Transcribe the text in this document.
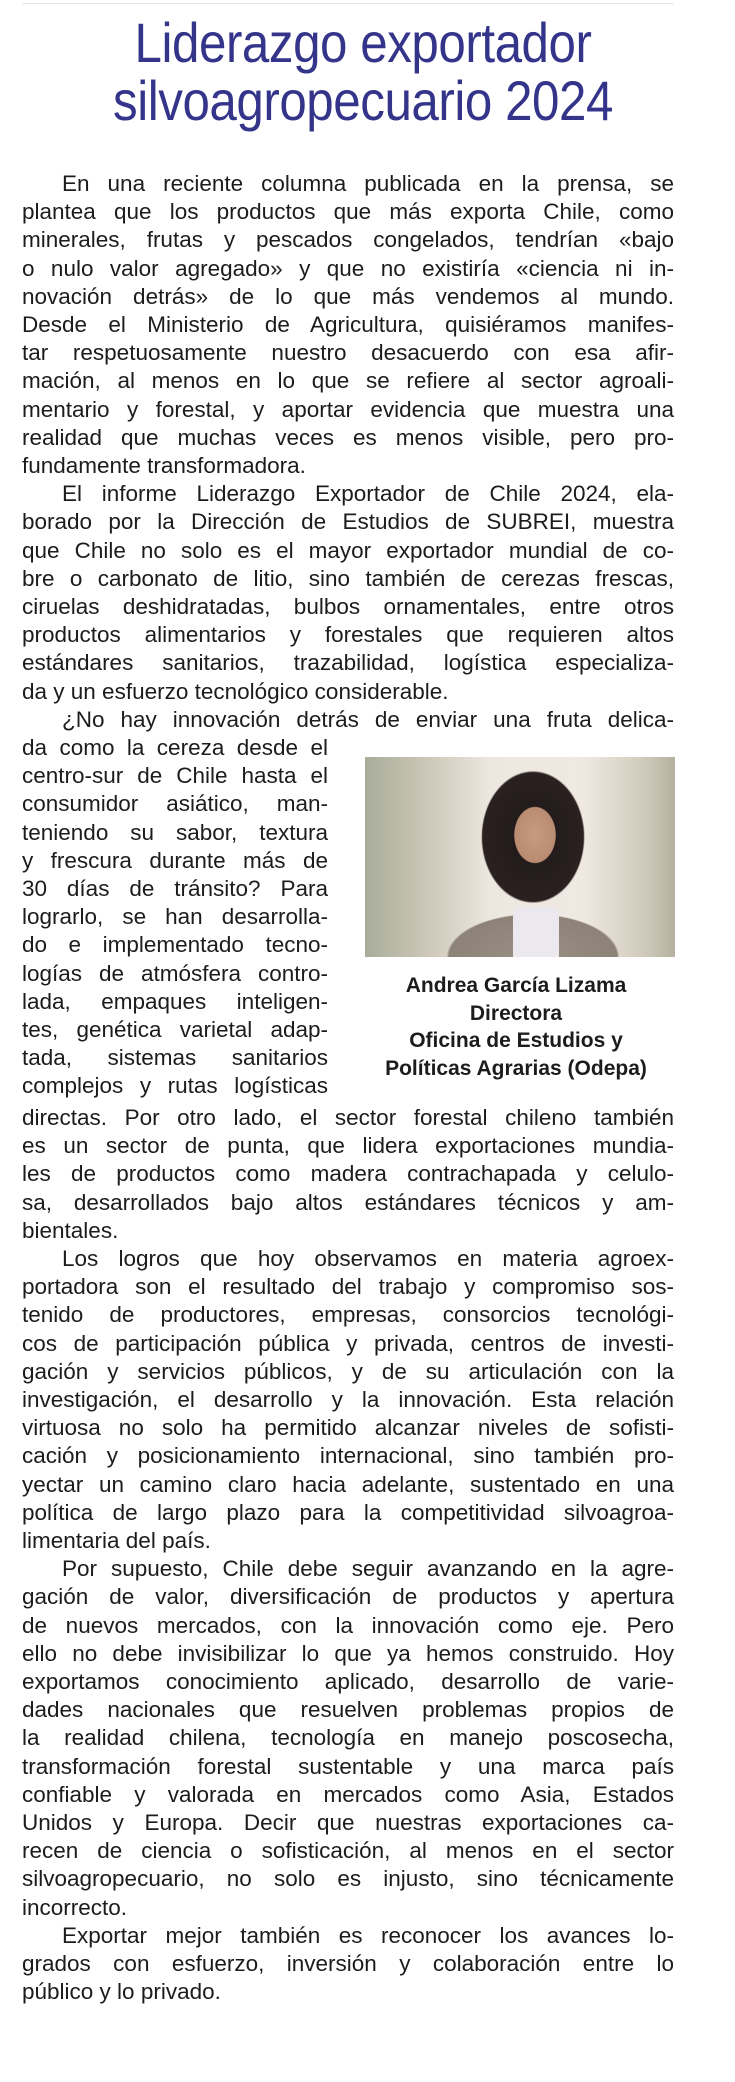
Liderazgo exportador
silvoagropecuario 2024
En una reciente columna publicada en la prensa, se
plantea que los productos que más exporta Chile, como
minerales, frutas y pescados congelados, tendrían «bajo
o nulo valor agregado» y que no existiría «ciencia ni in-
novación detrás» de lo que más vendemos al mundo.
Desde el Ministerio de Agricultura, quisiéramos manifes-
tar respetuosamente nuestro desacuerdo con esa afir-
mación, al menos en lo que se refiere al sector agroali-
mentario y forestal, y aportar evidencia que muestra una
realidad que muchas veces es menos visible, pero pro-
fundamente transformadora.
El informe Liderazgo Exportador de Chile 2024, ela-
borado por la Dirección de Estudios de SUBREI, muestra
que Chile no solo es el mayor exportador mundial de co-
bre o carbonato de litio, sino también de cerezas frescas,
ciruelas deshidratadas, bulbos ornamentales, entre otros
productos alimentarios y forestales que requieren altos
estándares sanitarios, trazabilidad, logística especializa-
da y un esfuerzo tecnológico considerable.
¿No hay innovación detrás de enviar una fruta delica-
da como la cereza desde el
centro-sur de Chile hasta el
consumidor asiático, man-
teniendo su sabor, textura
y frescura durante más de
30 días de tránsito? Para
lograrlo, se han desarrolla-
do e implementado tecno-
logías de atmósfera contro-
lada, empaques inteligen-
tes, genética varietal adap-
tada, sistemas sanitarios
complejos y rutas logísticas
directas. Por otro lado, el sector forestal chileno también
es un sector de punta, que lidera exportaciones mundia-
les de productos como madera contrachapada y celulo-
sa, desarrollados bajo altos estándares técnicos y am-
bientales.
Los logros que hoy observamos en materia agroex-
portadora son el resultado del trabajo y compromiso sos-
tenido de productores, empresas, consorcios tecnológi-
cos de participación pública y privada, centros de investi-
gación y servicios públicos, y de su articulación con la
investigación, el desarrollo y la innovación. Esta relación
virtuosa no solo ha permitido alcanzar niveles de sofisti-
cación y posicionamiento internacional, sino también pro-
yectar un camino claro hacia adelante, sustentado en una
política de largo plazo para la competitividad silvoagroa-
limentaria del país.
Por supuesto, Chile debe seguir avanzando en la agre-
gación de valor, diversificación de productos y apertura
de nuevos mercados, con la innovación como eje. Pero
ello no debe invisibilizar lo que ya hemos construido. Hoy
exportamos conocimiento aplicado, desarrollo de varie-
dades nacionales que resuelven problemas propios de
la realidad chilena, tecnología en manejo poscosecha,
transformación forestal sustentable y una marca país
confiable y valorada en mercados como Asia, Estados
Unidos y Europa. Decir que nuestras exportaciones ca-
recen de ciencia o sofisticación, al menos en el sector
silvoagropecuario, no solo es injusto, sino técnicamente
incorrecto.
Exportar mejor también es reconocer los avances lo-
grados con esfuerzo, inversión y colaboración entre lo
público y lo privado.
Andrea García Lizama
Directora
Oficina de Estudios y
Políticas Agrarias (Odepa)
